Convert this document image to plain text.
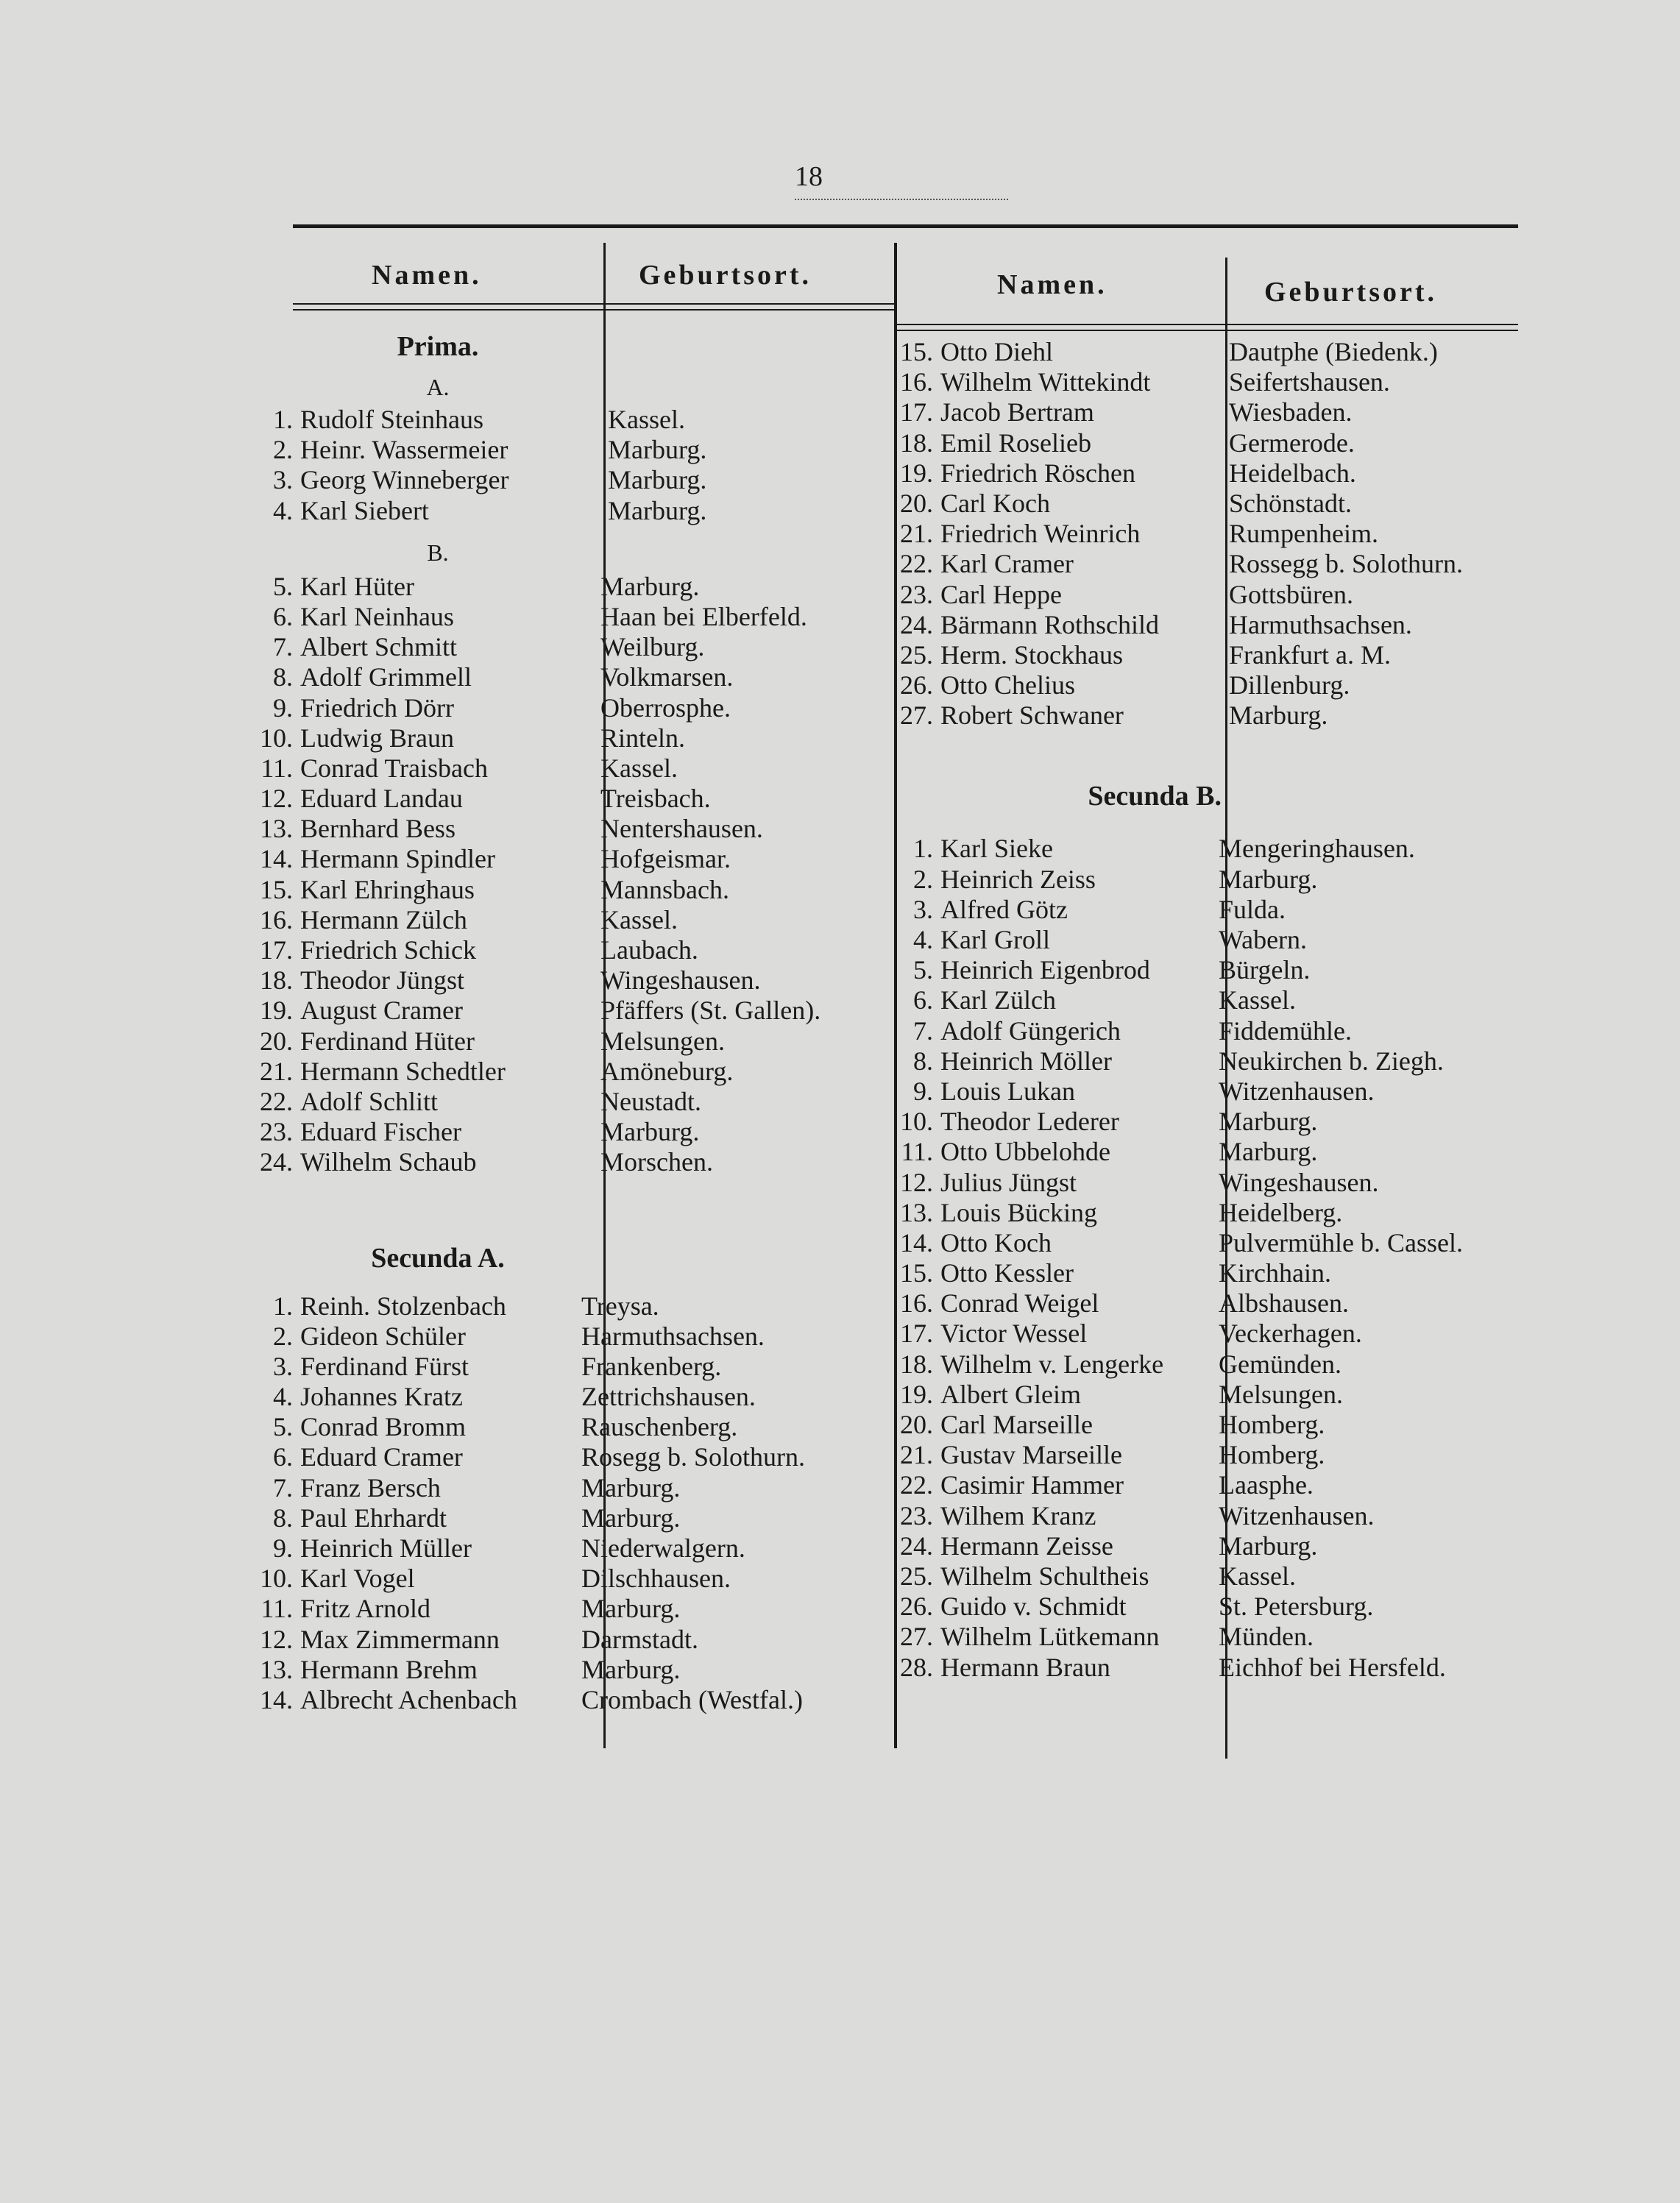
18
Namen.	Geburtsort.	Namen.	Geburtsort.
Prima.
A.
1. Rudolf Steinhaus	Kassel.
2. Heinr. Wassermeier	Marburg.
3. Georg Winneberger	Marburg.
4. Karl Siebert	Marburg.
B.
5. Karl Hüter	Marburg.
6. Karl Neinhaus	Haan bei Elberfeld.
7. Albert Schmitt	Weilburg.
8. Adolf Grimmell	Volkmarsen.
9. Friedrich Dörr	Oberrosphe.
10. Ludwig Braun	Rinteln.
11. Conrad Traisbach	Kassel.
12. Eduard Landau	Treisbach.
13. Bernhard Bess	Nentershausen.
14. Hermann Spindler	Hofgeismar.
15. Karl Ehringhaus	Mannsbach.
16. Hermann Zülch	Kassel.
17. Friedrich Schick	Laubach.
18. Theodor Jüngst	Wingeshausen.
19. August Cramer	Pfäffers (St. Gallen).
20. Ferdinand Hüter	Melsungen.
21. Hermann Schedtler	Amöneburg.
22. Adolf Schlitt	Neustadt.
23. Eduard Fischer	Marburg.
24. Wilhelm Schaub	Morschen.
Secunda A.
1. Reinh. Stolzenbach	Treysa.
2. Gideon Schüler	Harmuthsachsen.
3. Ferdinand Fürst	Frankenberg.
4. Johannes Kratz	Zettrichshausen.
5. Conrad Bromm	Rauschenberg.
6. Eduard Cramer	Rosegg b. Solothurn.
7. Franz Bersch	Marburg.
8. Paul Ehrhardt	Marburg.
9. Heinrich Müller	Niederwalgern.
10. Karl Vogel	Dilschhausen.
11. Fritz Arnold	Marburg.
12. Max Zimmermann	Darmstadt.
13. Hermann Brehm	Marburg.
14. Albrecht Achenbach Crombach (Westfal.)
15. Otto Diehl	Dautphe (Biedenk.)
16. Wilhelm Wittekindt	Seifertshausen.
17. Jacob Bertram	Wiesbaden.
18. Emil Roselieb	Germerode.
19. Friedrich Röschen	Heidelbach.
20. Carl Koch	Schönstadt.
21. Friedrich Weinrich	Rumpenheim.
22. Karl Cramer	Rossegg b. Solothurn.
23. Carl Heppe	Gottsbüren.
24. Bärmann Rothschild	Harmuthsachsen.
25. Herm. Stockhaus	Frankfurt a. M.
26. Otto Chelius	Dillenburg.
27. Robert Schwaner	Marburg.
Secunda B.
1. Karl Sieke	Mengeringhausen.
2. Heinrich Zeiss	Marburg.
3. Alfred Götz	Fulda.
4. Karl Groll	Wabern.
5. Heinrich Eigenbrod	Bürgeln.
6. Karl Zülch	Kassel.
7. Adolf Güngerich	Fiddemühle.
8. Heinrich Möller	Neukirchen b. Ziegh.
9. Louis Lukan	Witzenhausen.
10. Theodor Lederer	Marburg.
11. Otto Ubbelohde	Marburg.
12. Julius Jüngst	Wingeshausen.
13. Louis Bücking	Heidelberg.
14. Otto Koch	Pulvermühle b. Cassel.
15. Otto Kessler	Kirchhain.
16. Conrad Weigel	Albshausen.
17. Victor Wessel	Veckerhagen.
18. Wilhelm v. Lengerke Gemünden.
19. Albert Gleim	Melsungen.
20. Carl Marseille	Homberg.
21. Gustav Marseille	Homberg.
22. Casimir Hammer	Laasphe.
23. Wilhem Kranz	Witzenhausen.
24. Hermann Zeisse	Marburg.
25. Wilhelm Schultheis	Kassel.
26. Guido v. Schmidt	St. Petersburg.
27. Wilhelm Lütkemann Münden.
28. Hermann Braun	Eichhof bei Hersfeld.
